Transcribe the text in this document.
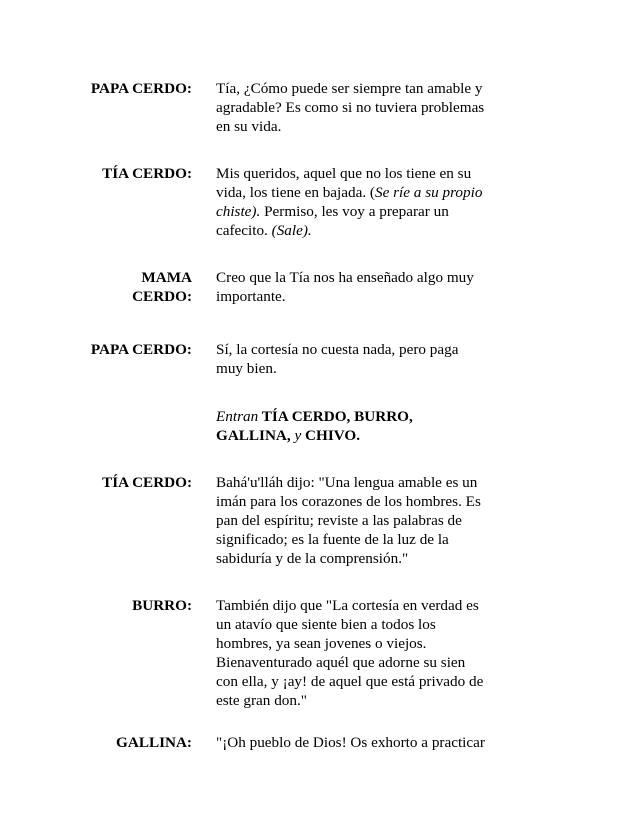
PAPA CERDO: Tía, ¿Cómo puede ser siempre tan amable y
agradable? Es como si no tuviera problemas
en su vida.
TÍA CERDO: Mis queridos, aquel que no los tiene en su
vida, los tiene en bajada. (Se ríe a su propio
chiste). Permiso, les voy a preparar un
cafecito. (Sale).
MAMA
CERDO:
Creo que la Tía nos ha enseñado algo muy
importante.
PAPA CERDO: Sí, la cortesía no cuesta nada, pero paga
muy bien.
Entran TÍA CERDO, BURRO,
GALLINA, y CHIVO.
TÍA CERDO: Bahá'u'lláh dijo: "Una lengua amable es un
imán para los corazones de los hombres. Es
pan del espíritu; reviste a las palabras de
significado; es la fuente de la luz de la
sabiduría y de la comprensión."
BURRO: También dijo que "La cortesía en verdad es
un atavío que siente bien a todos los
hombres, ya sean jovenes o viejos.
Bienaventurado aquél que adorne su sien
con ella, y ¡ay! de aquel que está privado de
este gran don."
GALLINA: "¡Oh pueblo de Dios! Os exhorto a practicar
